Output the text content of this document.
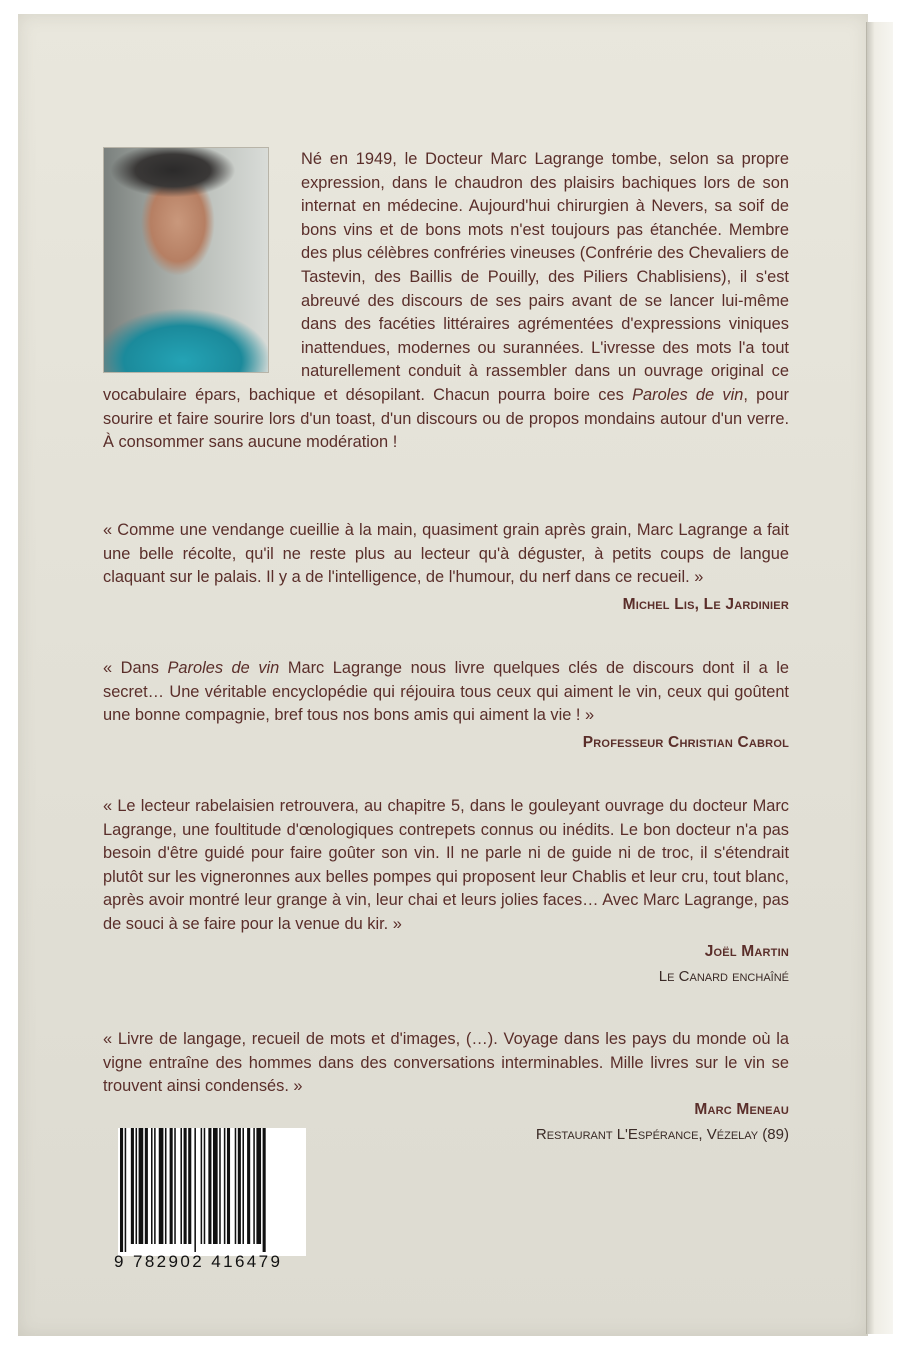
Né en 1949, le Docteur Marc Lagrange tombe, selon sa propre expression, dans le chaudron des plaisirs bachiques lors de son internat en médecine. Aujourd'hui chirurgien à Nevers, sa soif de bons vins et de bons mots n'est toujours pas étanchée. Membre des plus célèbres confréries vineuses (Confrérie des Chevaliers de Tastevin, des Baillis de Pouilly, des Piliers Chablisiens), il s'est abreuvé des discours de ses pairs avant de se lancer lui-même dans des facéties littéraires agrémentées d'expressions viniques inattendues, modernes ou surannées. L'ivresse des mots l'a tout naturellement conduit à rassembler dans un ouvrage original ce vocabulaire épars, bachique et désopilant. Chacun pourra boire ces Paroles de vin, pour sourire et faire sourire lors d'un toast, d'un discours ou de propos mondains autour d'un verre. À consommer sans aucune modération !

« Comme une vendange cueillie à la main, quasiment grain après grain, Marc Lagrange a fait une belle récolte, qu'il ne reste plus au lecteur qu'à déguster, à petits coups de langue claquant sur le palais. Il y a de l'intelligence, de l'humour, du nerf dans ce recueil. »

Michel Lis, Le Jardinier

« Dans Paroles de vin Marc Lagrange nous livre quelques clés de discours dont il a le secret… Une véritable encyclopédie qui réjouira tous ceux qui aiment le vin, ceux qui goûtent une bonne compagnie, bref tous nos bons amis qui aiment la vie ! »

Professeur Christian Cabrol

« Le lecteur rabelaisien retrouvera, au chapitre 5, dans le gouleyant ouvrage du docteur Marc Lagrange, une foultitude d'œnologiques contrepets connus ou inédits. Le bon docteur n'a pas besoin d'être guidé pour faire goûter son vin. Il ne parle ni de guide ni de troc, il s'étendrait plutôt sur les vigneronnes aux belles pompes qui proposent leur Chablis et leur cru, tout blanc, après avoir montré leur grange à vin, leur chai et leurs jolies faces… Avec Marc Lagrange, pas de souci à se faire pour la venue du kir. »

Joël Martin
Le Canard enchaîné

« Livre de langage, recueil de mots et d'images, (…). Voyage dans les pays du monde où la vigne entraîne des hommes dans des conversations interminables. Mille livres sur le vin se trouvent ainsi condensés. »

Marc Meneau
Restaurant L'Espérance, Vézelay (89)
9 782902 416479
